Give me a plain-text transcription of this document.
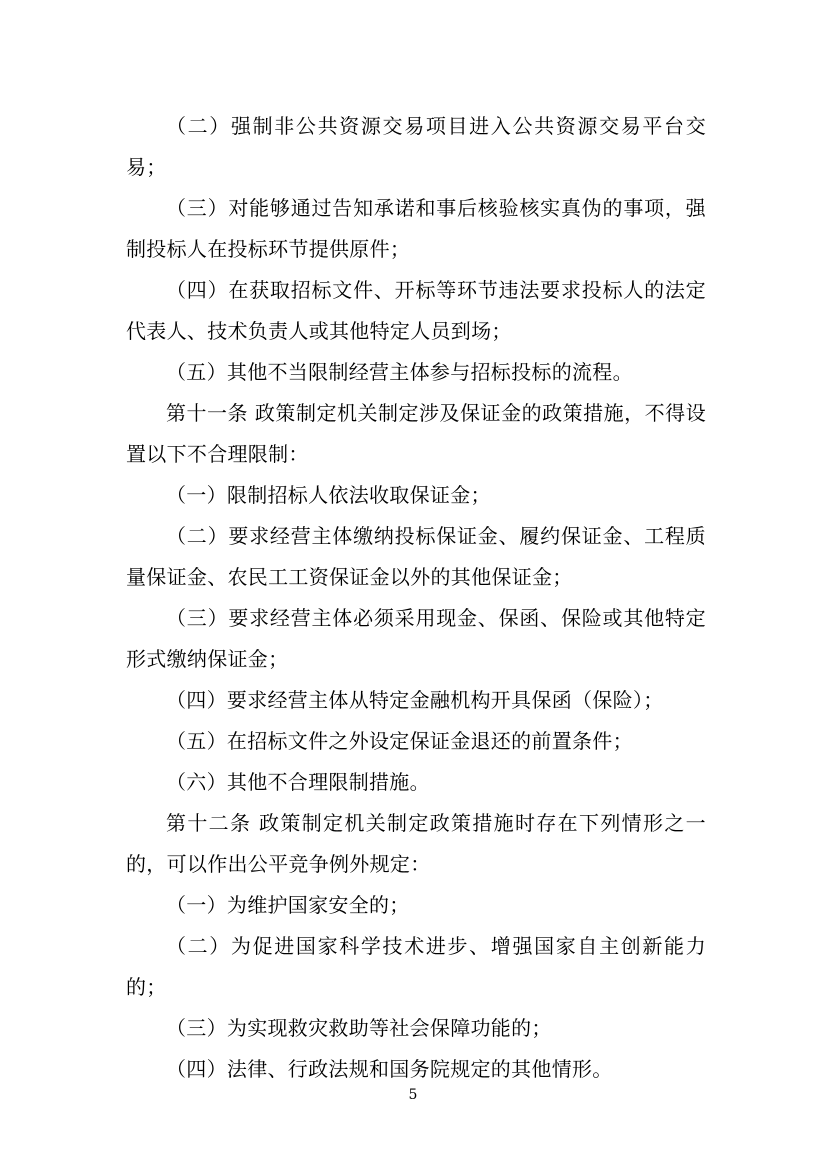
（二）强制非公共资源交易项目进入公共资源交易平台交易；

（三）对能够通过告知承诺和事后核验核实真伪的事项，强制投标人在投标环节提供原件；

（四）在获取招标文件、开标等环节违法要求投标人的法定代表人、技术负责人或其他特定人员到场；

（五）其他不当限制经营主体参与招标投标的流程。

第十一条 政策制定机关制定涉及保证金的政策措施，不得设置以下不合理限制：

（一）限制招标人依法收取保证金；

（二）要求经营主体缴纳投标保证金、履约保证金、工程质量保证金、农民工工资保证金以外的其他保证金；

（三）要求经营主体必须采用现金、保函、保险或其他特定形式缴纳保证金；

（四）要求经营主体从特定金融机构开具保函（保险）；

（五）在招标文件之外设定保证金退还的前置条件；

（六）其他不合理限制措施。

第十二条 政策制定机关制定政策措施时存在下列情形之一的，可以作出公平竞争例外规定：

（一）为维护国家安全的；

（二）为促进国家科学技术进步、增强国家自主创新能力的；

（三）为实现救灾救助等社会保障功能的；

（四）法律、行政法规和国务院规定的其他情形。

5
